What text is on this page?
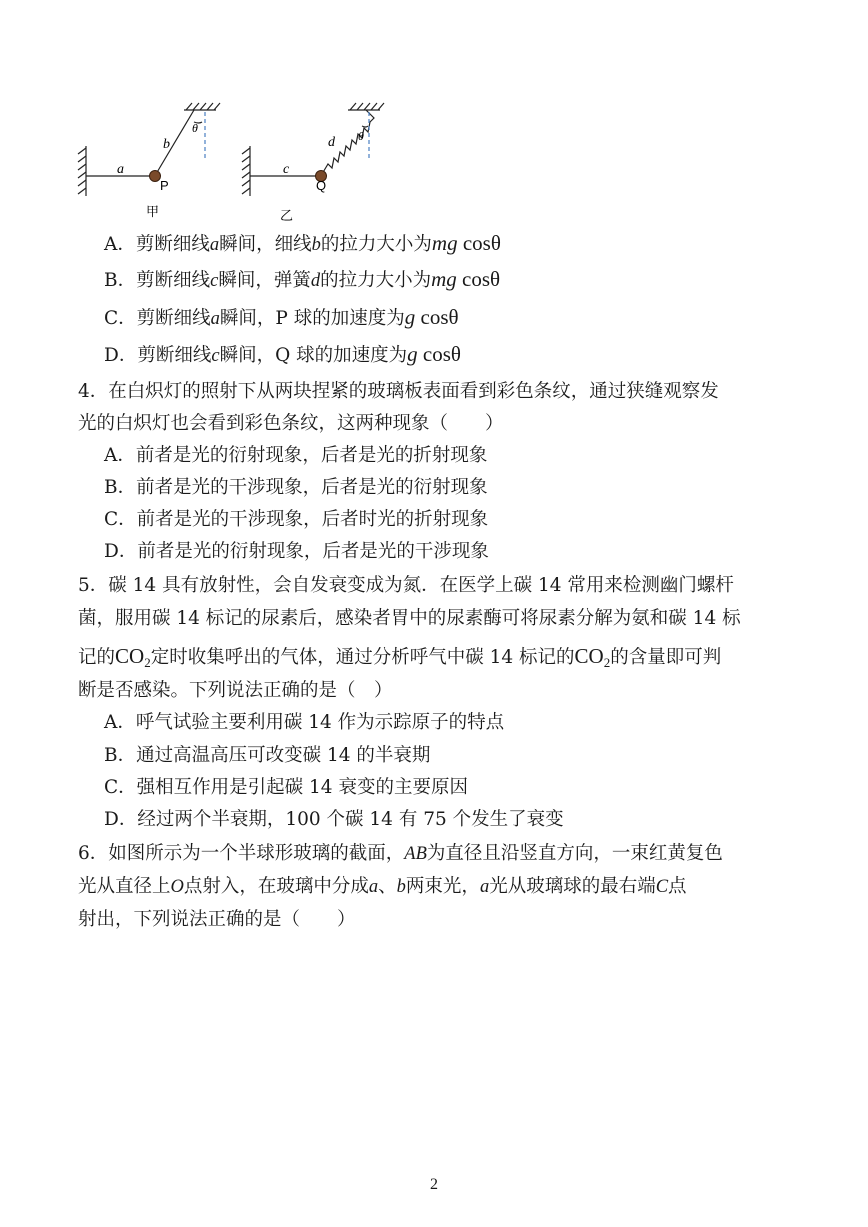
a
b
θ
P
甲
c
d θ
Q
乙
A．剪断细线a瞬间，细线b的拉力大小为mg cosθ
B．剪断细线c瞬间，弹簧d的拉力大小为mg cosθ
C．剪断细线a瞬间，P 球的加速度为g cosθ
D．剪断细线c瞬间，Q 球的加速度为g cosθ
4．在白炽灯的照射下从两块捏紧的玻璃板表面看到彩色条纹，通过狭缝观察发
光的白炽灯也会看到彩色条纹，这两种现象（　　）
A．前者是光的衍射现象，后者是光的折射现象
B．前者是光的干涉现象，后者是光的衍射现象
C．前者是光的干涉现象，后者时光的折射现象
D．前者是光的衍射现象，后者是光的干涉现象
5．碳 14 具有放射性，会自发衰变成为氮．在医学上碳 14 常用来检测幽门螺杆
菌，服用碳 14 标记的尿素后，感染者胃中的尿素酶可将尿素分解为氨和碳 14 标
记的$CO_2$定时收集呼出的气体，通过分析呼气中碳 14 标记的$CO_2$的含量即可判
断是否感染。下列说法正确的是（　）
A．呼气试验主要利用碳 14 作为示踪原子的特点
B．通过高温高压可改变碳 14 的半衰期
C．强相互作用是引起碳 14 衰变的主要原因
D．经过两个半衰期，100 个碳 14 有 75 个发生了衰变
6．如图所示为一个半球形玻璃的截面，AB为直径且沿竖直方向，一束红黄复色
光从直径上O点射入，在玻璃中分成a、b两束光，a光从玻璃球的最右端C点
射出，下列说法正确的是（　　）
2
